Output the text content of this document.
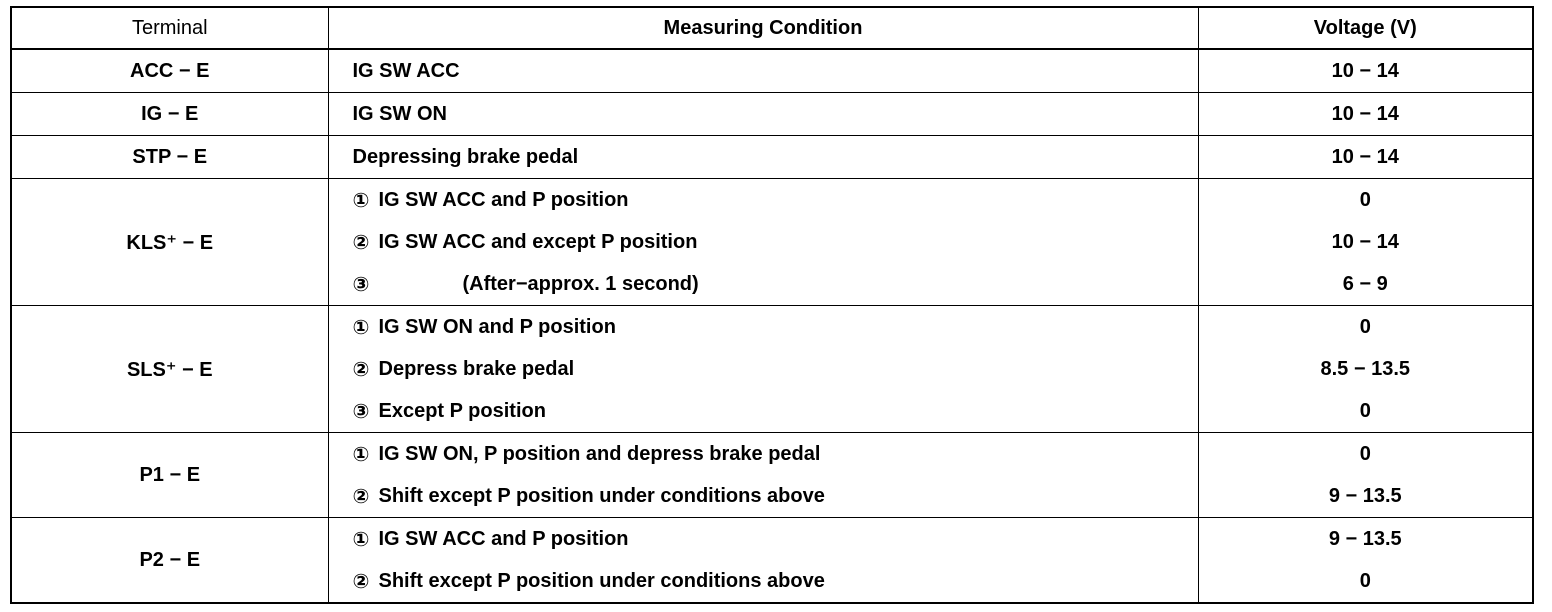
Terminal	Measuring Condition	Voltage (V)
ACC − E	IG SW ACC	10 − 14
IG − E	IG SW ON	10 − 14
STP − E	Depressing brake pedal	10 − 14
KLS⁺ − E	① IG SW ACC and P position	0

	② IG SW ACC and except P position	10 − 14

	③ (After−approx. 1 second)	6 − 9
SLS⁺ − E	① IG SW ON and P position	0

	② Depress brake pedal	8.5 − 13.5

	③ Except P position	0
P1 − E	① IG SW ON, P position and depress brake pedal	0

	② Shift except P position under conditions above	9 − 13.5
P2 − E	① IG SW ACC and P position	9 − 13.5

	② Shift except P position under conditions above	0
